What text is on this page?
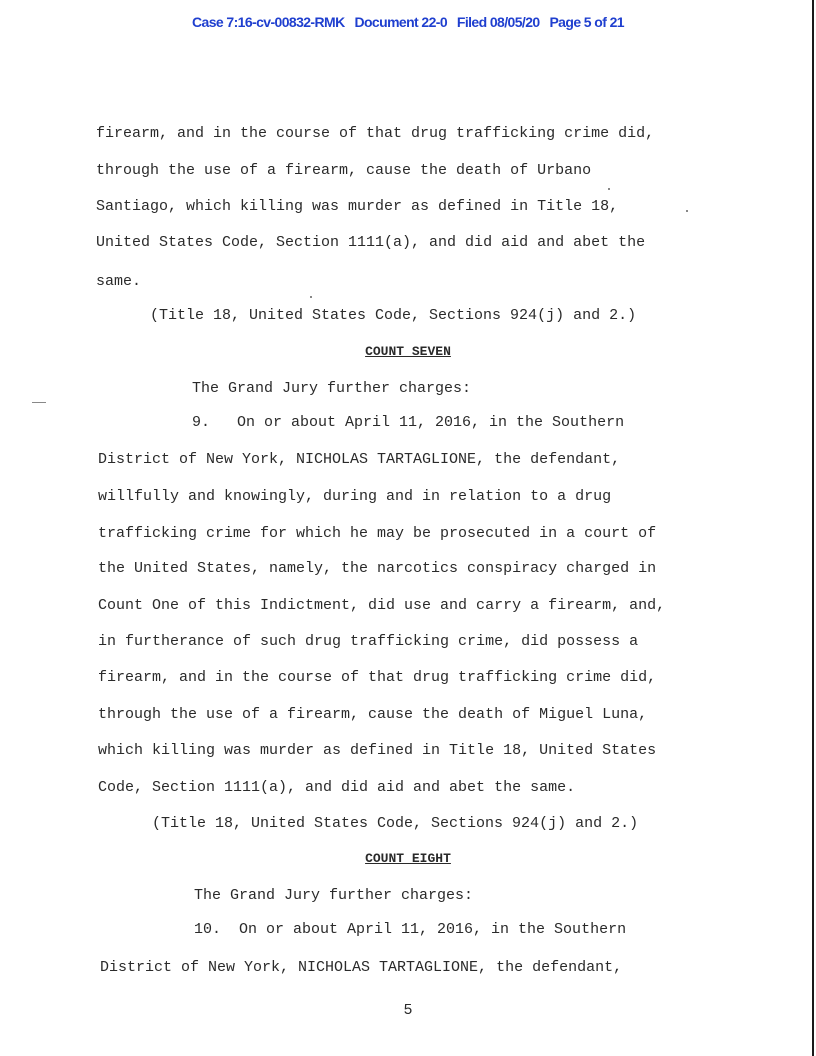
Case 7:16-cv-00832-RMK Document 22-0 Filed 08/05/20 Page 5 of 21
firearm, and in the course of that drug trafficking crime did,
through the use of a firearm, cause the death of Urbano
Santiago, which killing was murder as defined in Title 18,
United States Code, Section 1111(a), and did aid and abet the
same.
(Title 18, United States Code, Sections 924(j) and 2.)
COUNT SEVEN
The Grand Jury further charges:
9.   On or about April 11, 2016, in the Southern
District of New York, NICHOLAS TARTAGLIONE, the defendant,
willfully and knowingly, during and in relation to a drug
trafficking crime for which he may be prosecuted in a court of
the United States, namely, the narcotics conspiracy charged in
Count One of this Indictment, did use and carry a firearm, and,
in furtherance of such drug trafficking crime, did possess a
firearm, and in the course of that drug trafficking crime did,
through the use of a firearm, cause the death of Miguel Luna,
which killing was murder as defined in Title 18, United States
Code, Section 1111(a), and did aid and abet the same.
(Title 18, United States Code, Sections 924(j) and 2.)
COUNT EIGHT
The Grand Jury further charges:
10.  On or about April 11, 2016, in the Southern
District of New York, NICHOLAS TARTAGLIONE, the defendant,
5
